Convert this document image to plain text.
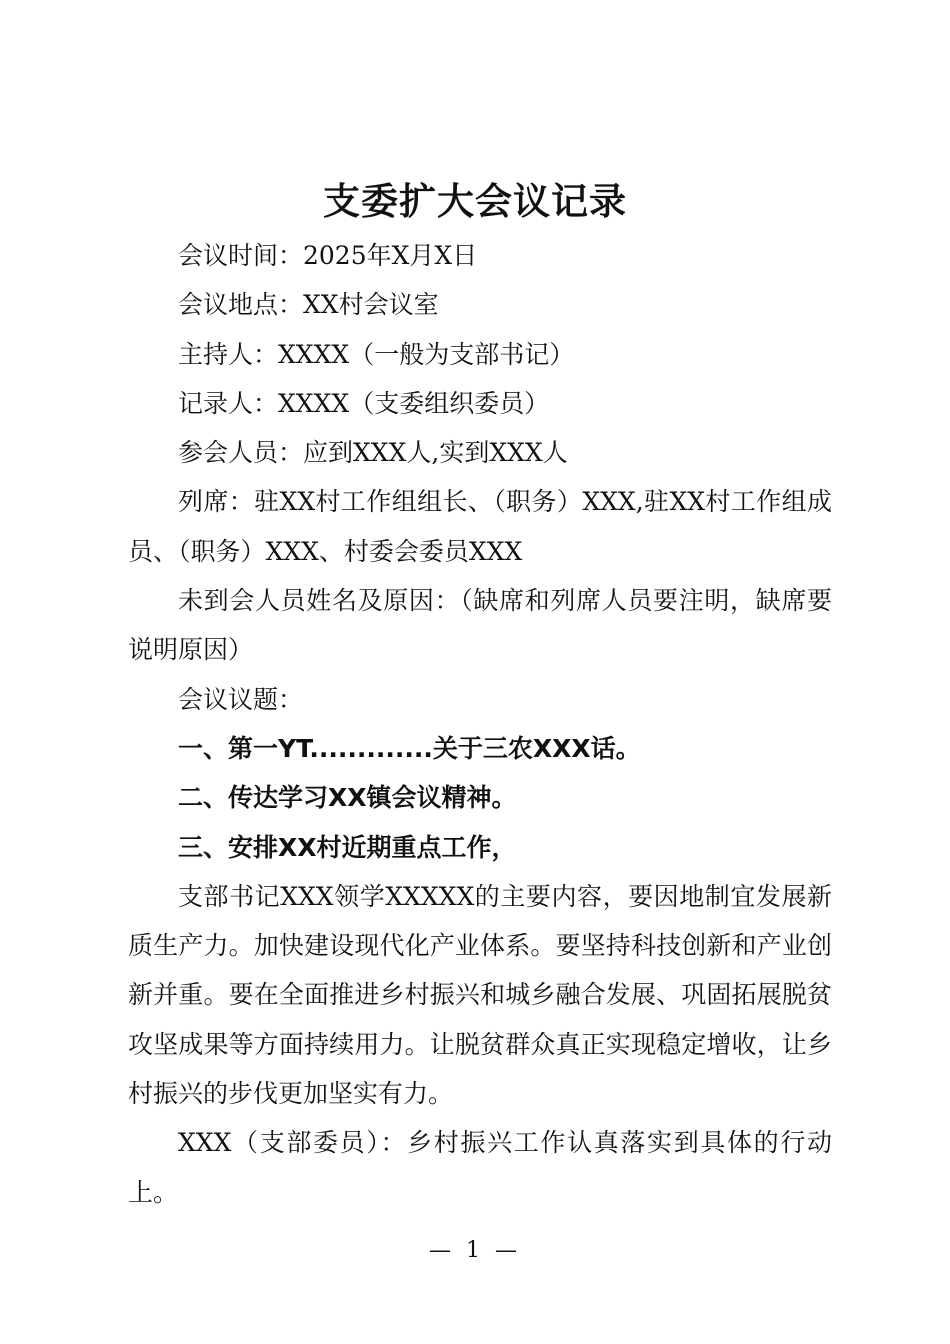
支委扩大会议记录

会议时间：2025年X月X日

会议地点：XX村会议室

主持人：XXXX（一般为支部书记）

记录人：XXXX（支委组织委员）

参会人员：应到XXX人,实到XXX人

列席：驻XX村工作组组长、（职务）XXX,驻XX村工作组成员、（职务）XXX、村委会委员XXX

未到会人员姓名及原因：（缺席和列席人员要注明，缺席要说明原因）

会议议题：

一、第一YT.............关于三农XXX话。

二、传达学习XX镇会议精神。

三、安排XX村近期重点工作，

支部书记XXX领学XXXXX的主要内容，要因地制宜发展新质生产力。加快建设现代化产业体系。要坚持科技创新和产业创新并重。要在全面推进乡村振兴和城乡融合发展、巩固拓展脱贫攻坚成果等方面持续用力。让脱贫群众真正实现稳定增收，让乡村振兴的步伐更加坚实有力。

XXX（支部委员）：乡村振兴工作认真落实到具体的行动上。

— 1 —
